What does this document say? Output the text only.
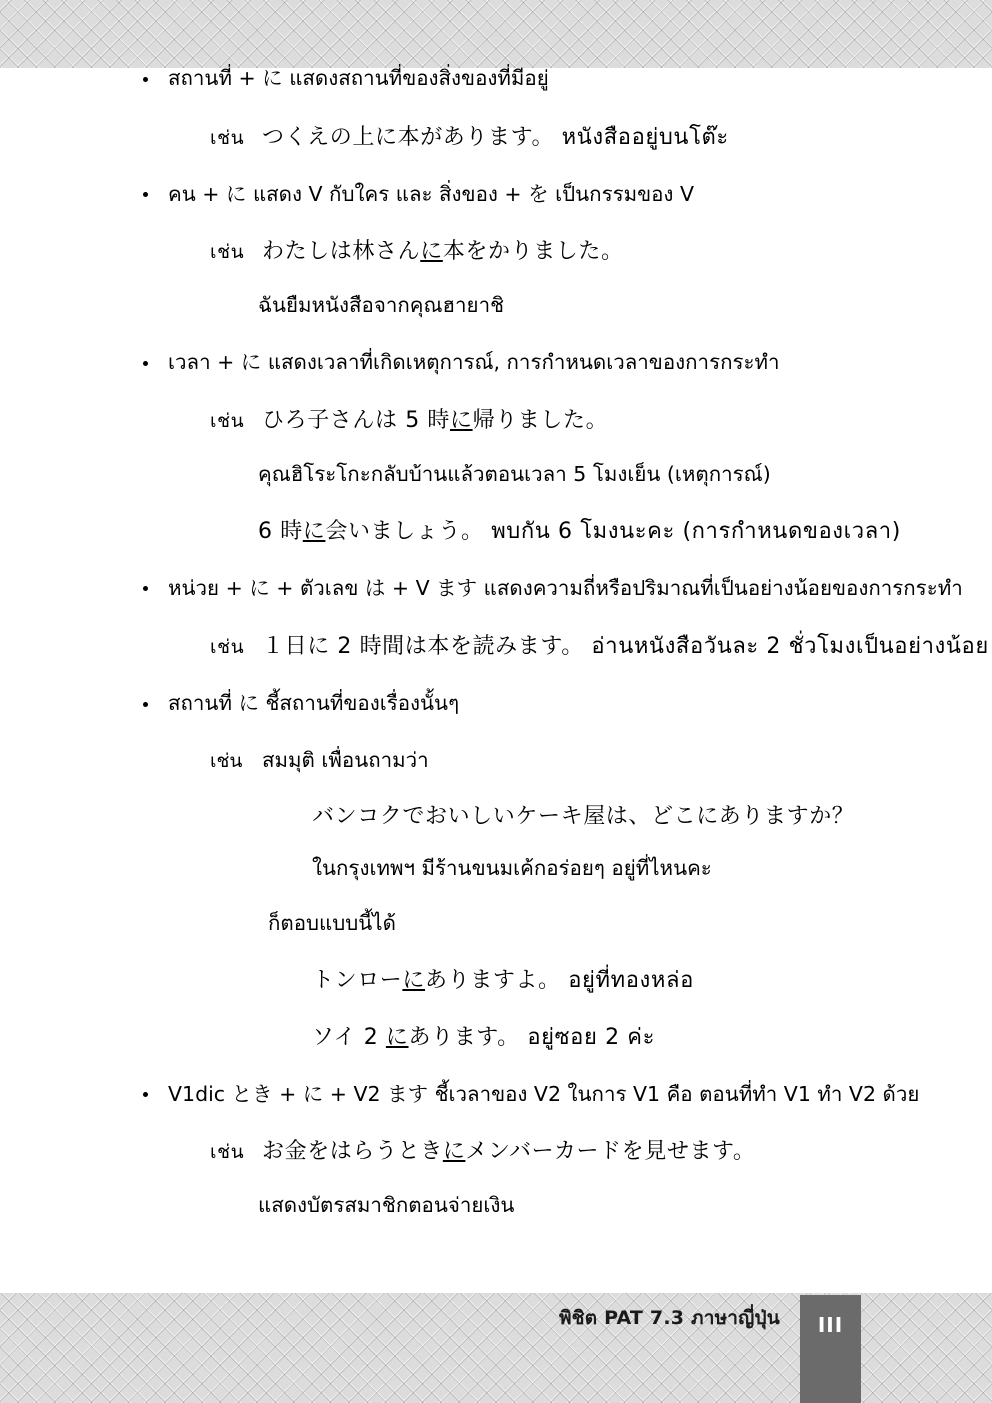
สถานที่ + に แสดงสถานที่ของสิ่งของที่มีอยู่
เช่น つくえの上に本があります。 หนังสืออยู่บนโต๊ะ
คน + に แสดง V กับใคร และ สิ่งของ + を เป็นกรรมของ V
เช่น わたしは林さんに本をかりました。
ฉันยืมหนังสือจากคุณฮายาชิ
เวลา + に แสดงเวลาที่เกิดเหตุการณ์, การกำหนดเวลาของการกระทำ
เช่น ひろ子さんは 5 時に帰りました。
คุณฮิโระโกะกลับบ้านแล้วตอนเวลา 5 โมงเย็น (เหตุการณ์)
6 時に会いましょう。 พบกัน 6 โมงนะคะ (การกำหนดของเวลา)
หน่วย + に + ตัวเลข は + V ます แสดงความถี่หรือปริมาณที่เป็นอย่างน้อยของการกระทำ
เช่น １日に 2 時間は本を読みます。 อ่านหนังสือวันละ 2 ชั่วโมงเป็นอย่างน้อย
สถานที่ に ชี้สถานที่ของเรื่องนั้นๆ
เช่น สมมุติ เพื่อนถามว่า
バンコクでおいしいケーキ屋は、どこにありますか？
ในกรุงเทพฯ มีร้านขนมเค้กอร่อยๆ อยู่ที่ไหนคะ
ก็ตอบแบบนี้ได้
トンローにありますよ。 อยู่ที่ทองหล่อ
ソイ 2 にあります。 อยู่ซอย 2 ค่ะ
V1dic とき + に + V2 ます ชี้เวลาของ V2 ในการ V1 คือ ตอนที่ทำ V1 ทำ V2 ด้วย
เช่น お金をはらうときにメンバーカードを見せます。
แสดงบัตรสมาชิกตอนจ่ายเงิน
พิชิต PAT 7.3 ภาษาญี่ปุ่น	III
